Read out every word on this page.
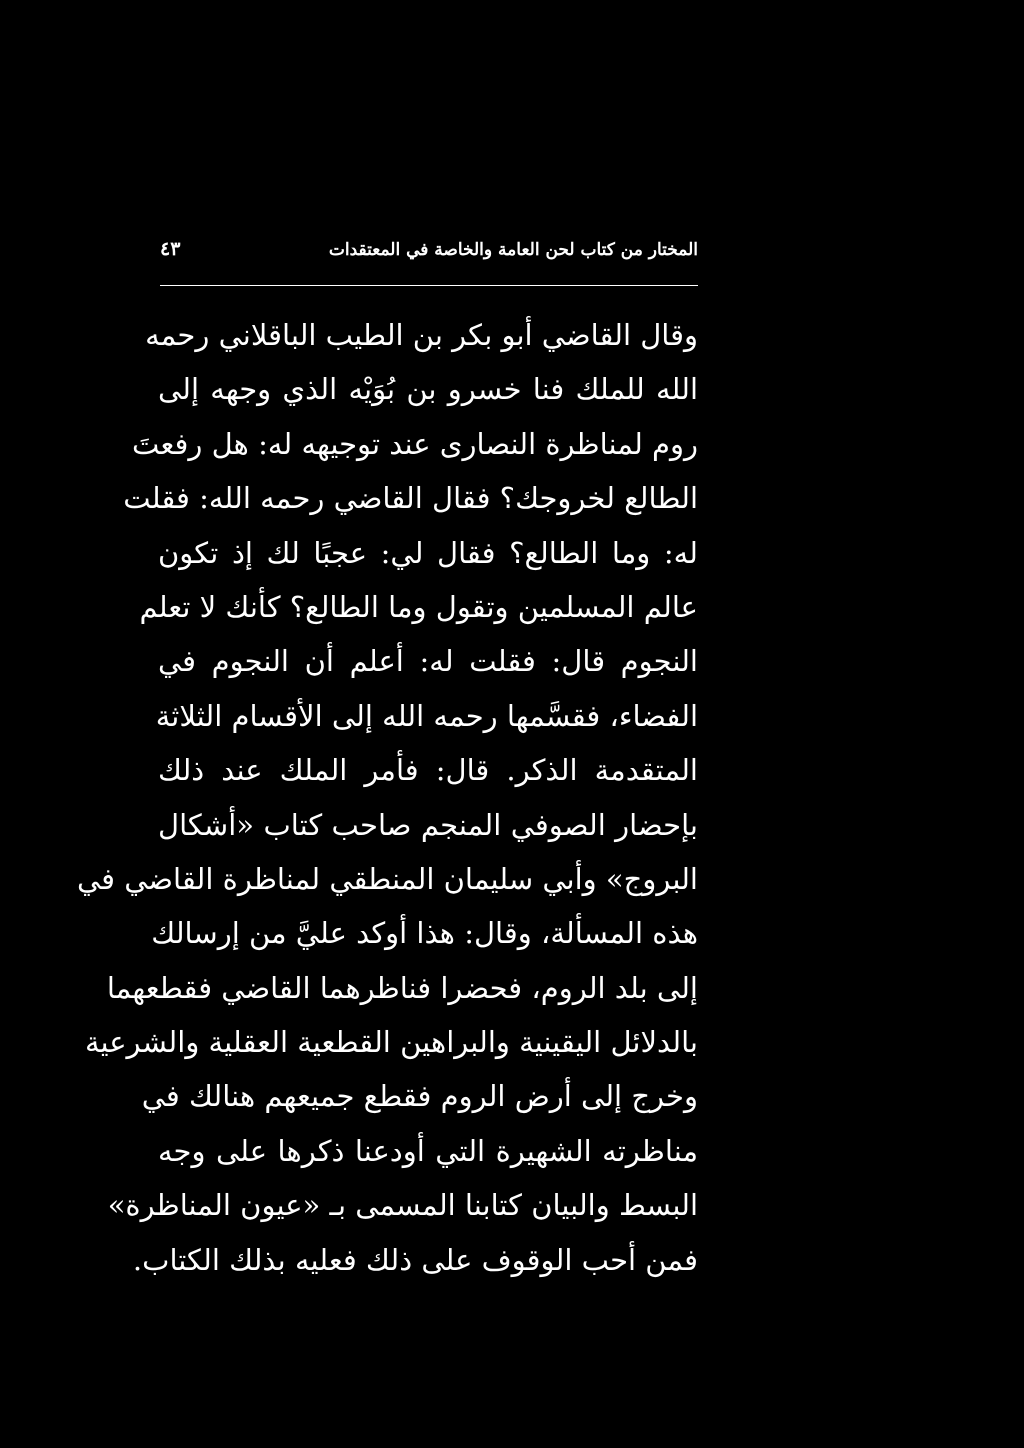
المختار من كتاب لحن العامة والخاصة في المعتقدات
٤٣
وقال القاضي أبو بكر بن الطيب الباقلاني رحمه
الله للملك فنا خسرو بن بُوَيْه الذي وجهه إلى
روم لمناظرة النصارى عند توجيهه له: هل رفعتَ
الطالع لخروجك؟ فقال القاضي رحمه الله: فقلت
له: وما الطالع؟ فقال لي: عجبًا لك إذ تكون
عالم المسلمين وتقول وما الطالع؟ كأنك لا تعلم
النجوم قال: فقلت له: أعلم أن النجوم في
الفضاء، فقسَّمها رحمه الله إلى الأقسام الثلاثة
المتقدمة الذكر. قال: فأمر الملك عند ذلك
بإحضار الصوفي المنجم صاحب كتاب «أشكال
البروج» وأبي سليمان المنطقي لمناظرة القاضي في
هذه المسألة، وقال: هذا أوكد عليَّ من إرسالك
إلى بلد الروم، فحضرا فناظرهما القاضي فقطعهما
بالدلائل اليقينية والبراهين القطعية العقلية والشرعية
وخرج إلى أرض الروم فقطع جميعهم هنالك في
مناظرته الشهيرة التي أودعنا ذكرها على وجه
البسط والبيان كتابنا المسمى بـ «عيون المناظرة»
فمن أحب الوقوف على ذلك فعليه بذلك الكتاب.
